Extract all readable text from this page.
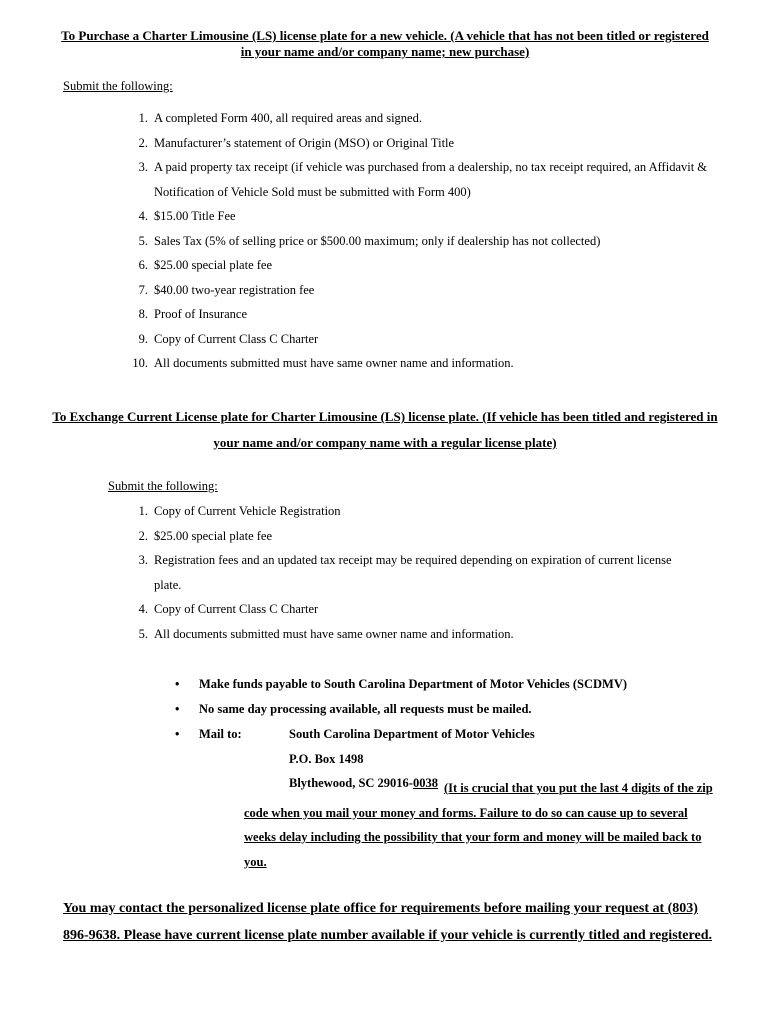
To Purchase a Charter Limousine (LS) license plate for a new vehicle. (A vehicle that has not been titled or registered in your name and/or company name; new purchase)
Submit the following:
1. A completed Form 400, all required areas and signed.
2. Manufacturer’s statement of Origin (MSO) or Original Title
3. A paid property tax receipt (if vehicle was purchased from a dealership, no tax receipt required, an Affidavit & Notification of Vehicle Sold must be submitted with Form 400)
4. $15.00 Title Fee
5. Sales Tax (5% of selling price or $500.00 maximum; only if dealership has not collected)
6. $25.00 special plate fee
7. $40.00 two-year registration fee
8. Proof of Insurance
9. Copy of Current Class C Charter
10. All documents submitted must have same owner name and information.
To Exchange Current License plate for Charter Limousine (LS) license plate. (If vehicle has been titled and registered in your name and/or company name with a regular license plate)
Submit the following:
1. Copy of Current Vehicle Registration
2. $25.00 special plate fee
3. Registration fees and an updated tax receipt may be required depending on expiration of current license plate.
4. Copy of Current Class C Charter
5. All documents submitted must have same owner name and information.
• Make funds payable to South Carolina Department of Motor Vehicles (SCDMV)
• No same day processing available, all requests must be mailed.
• Mail to:	South Carolina Department of Motor Vehicles
P.O. Box 1498
Blythewood, SC 29016-0038 (It is crucial that you put the last 4 digits of the zip code when you mail your money and forms. Failure to do so can cause up to several weeks delay including the possibility that your form and money will be mailed back to you.
You may contact the personalized license plate office for requirements before mailing your request at (803) 896-9638. Please have current license plate number available if your vehicle is currently titled and registered.
